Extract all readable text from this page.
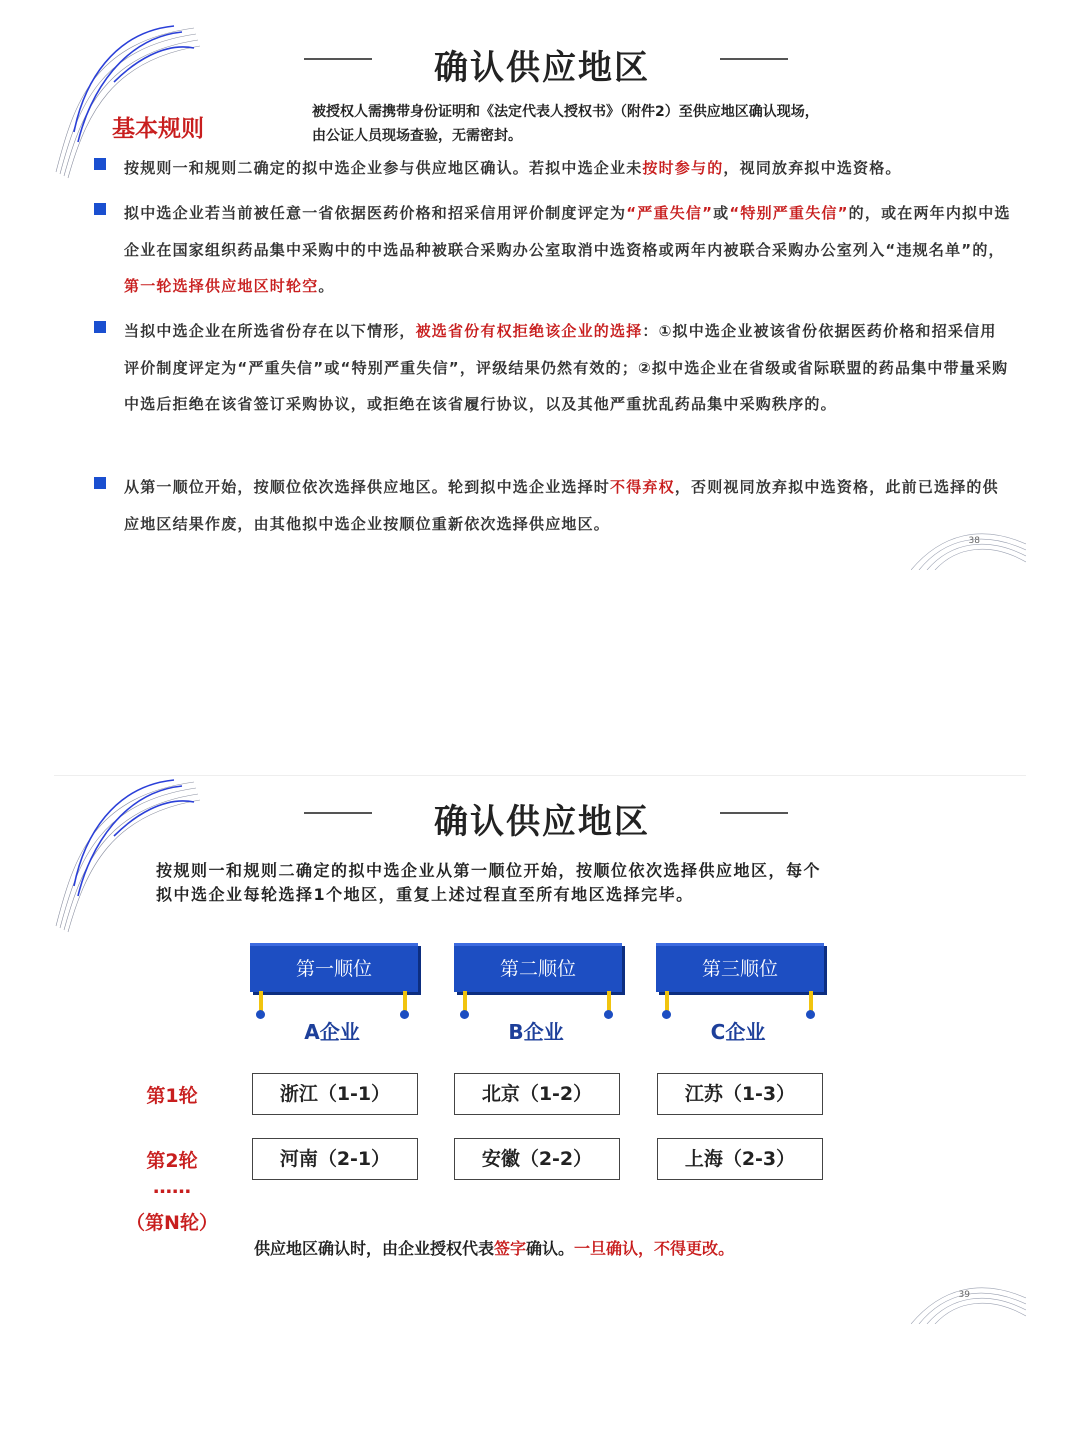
确认供应地区
基本规则
被授权人需携带身份证明和《法定代表人授权书》（附件2）至供应地区确认现场，
由公证人员现场查验，无需密封。
按规则一和规则二确定的拟中选企业参与供应地区确认。若拟中选企业未按时参与的，视同放弃拟中选资格。
拟中选企业若当前被任意一省依据医药价格和招采信用评价制度评定为“严重失信”或“特别严重失信”的，或在两年内拟中选企业在国家组织药品集中采购中的中选品种被联合采购办公室取消中选资格或两年内被联合采购办公室列入“违规名单”的，第一轮选择供应地区时轮空。
当拟中选企业在所选省份存在以下情形，被选省份有权拒绝该企业的选择：①拟中选企业被该省份依据医药价格和招采信用评价制度评定为“严重失信”或“特别严重失信”，评级结果仍然有效的；②拟中选企业在省级或省际联盟的药品集中带量采购中选后拒绝在该省签订采购协议，或拒绝在该省履行协议，以及其他严重扰乱药品集中采购秩序的。
从第一顺位开始，按顺位依次选择供应地区。轮到拟中选企业选择时不得弃权，否则视同放弃拟中选资格，此前已选择的供应地区结果作废，由其他拟中选企业按顺位重新依次选择供应地区。
38
确认供应地区
按规则一和规则二确定的拟中选企业从第一顺位开始，按顺位依次选择供应地区，每个
拟中选企业每轮选择1个地区，重复上述过程直至所有地区选择完毕。
第一顺位	第二顺位	第三顺位
A企业	B企业	C企业
第1轮	浙江（1-1）	北京（1-2）	江苏（1-3）
第2轮	河南（2-1）	安徽（2-2）	上海（2-3）
……
（第N轮）
供应地区确认时，由企业授权代表签字确认。一旦确认，不得更改。
39
